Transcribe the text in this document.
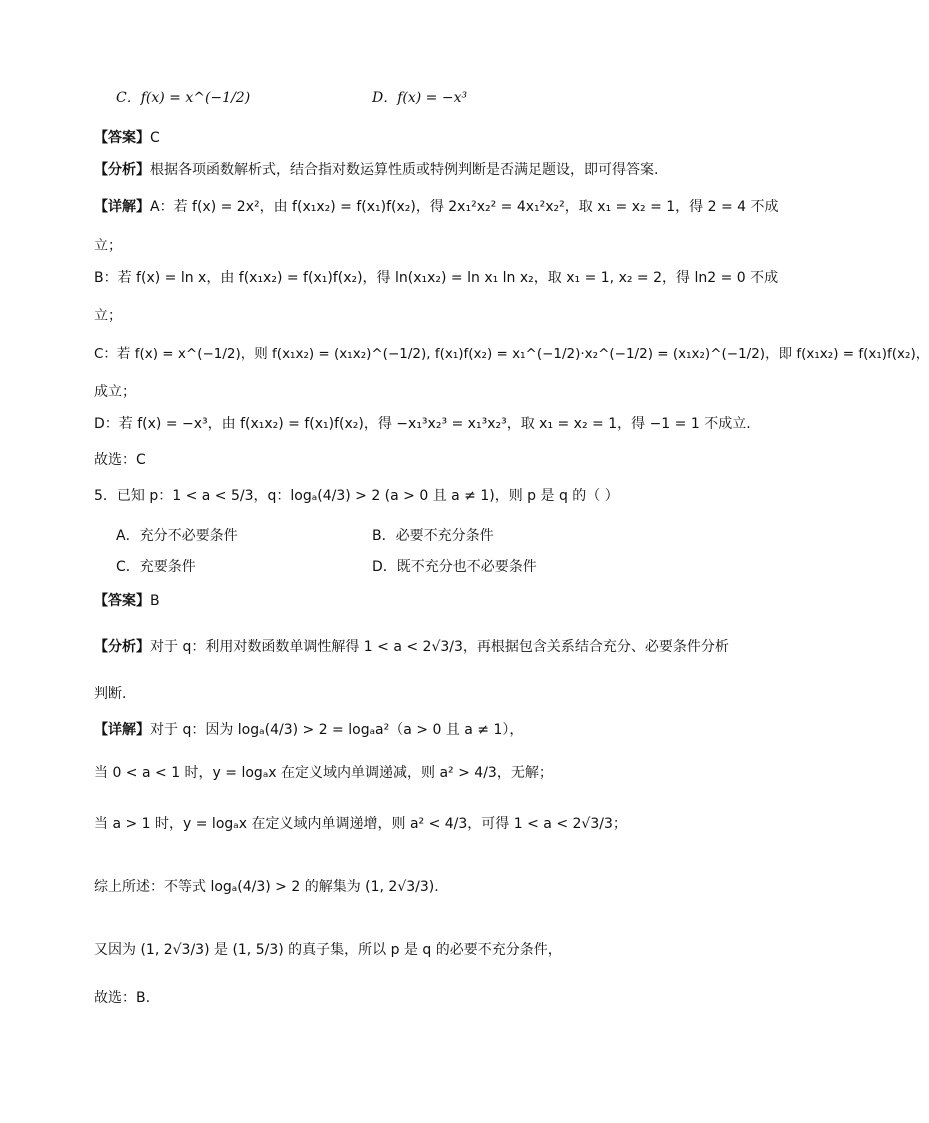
C．f(x) = x^(−1/2)	D．f(x) = −x³
【答案】C
【分析】根据各项函数解析式，结合指对数运算性质或特例判断是否满足题设，即可得答案.
【详解】A：若 f(x) = 2x²，由 f(x₁x₂) = f(x₁)f(x₂)，得 2x₁²x₂² = 4x₁²x₂²，取 x₁ = x₂ = 1，得 2 = 4 不成
立；
B：若 f(x) = ln x，由 f(x₁x₂) = f(x₁)f(x₂)，得 ln(x₁x₂) = ln x₁ ln x₂，取 x₁ = 1, x₂ = 2，得 ln2 = 0 不成
立；
C：若 f(x) = x^(−1/2)，则 f(x₁x₂) = (x₁x₂)^(−1/2), f(x₁)f(x₂) = x₁^(−1/2)·x₂^(−1/2) = (x₁x₂)^(−1/2)，即 f(x₁x₂) = f(x₁)f(x₂)，
成立；
D：若 f(x) = −x³，由 f(x₁x₂) = f(x₁)f(x₂)，得 −x₁³x₂³ = x₁³x₂³，取 x₁ = x₂ = 1，得 −1 = 1 不成立.
故选：C
5．已知 p：1 < a < 5/3，q：logₐ(4/3) > 2 (a > 0 且 a ≠ 1)，则 p 是 q 的（ ）
A．充分不必要条件	B．必要不充分条件
C．充要条件	D．既不充分也不必要条件
【答案】B
【分析】对于 q：利用对数函数单调性解得 1 < a < 2√3/3，再根据包含关系结合充分、必要条件分析
判断.
【详解】对于 q：因为 logₐ(4/3) > 2 = logₐa²（a > 0 且 a ≠ 1），
当 0 < a < 1 时，y = logₐx 在定义域内单调递减，则 a² > 4/3，无解；
当 a > 1 时，y = logₐx 在定义域内单调递增，则 a² < 4/3，可得 1 < a < 2√3/3；
综上所述：不等式 logₐ(4/3) > 2 的解集为 (1, 2√3/3).
又因为 (1, 2√3/3) 是 (1, 5/3) 的真子集，所以 p 是 q 的必要不充分条件，
故选：B.
